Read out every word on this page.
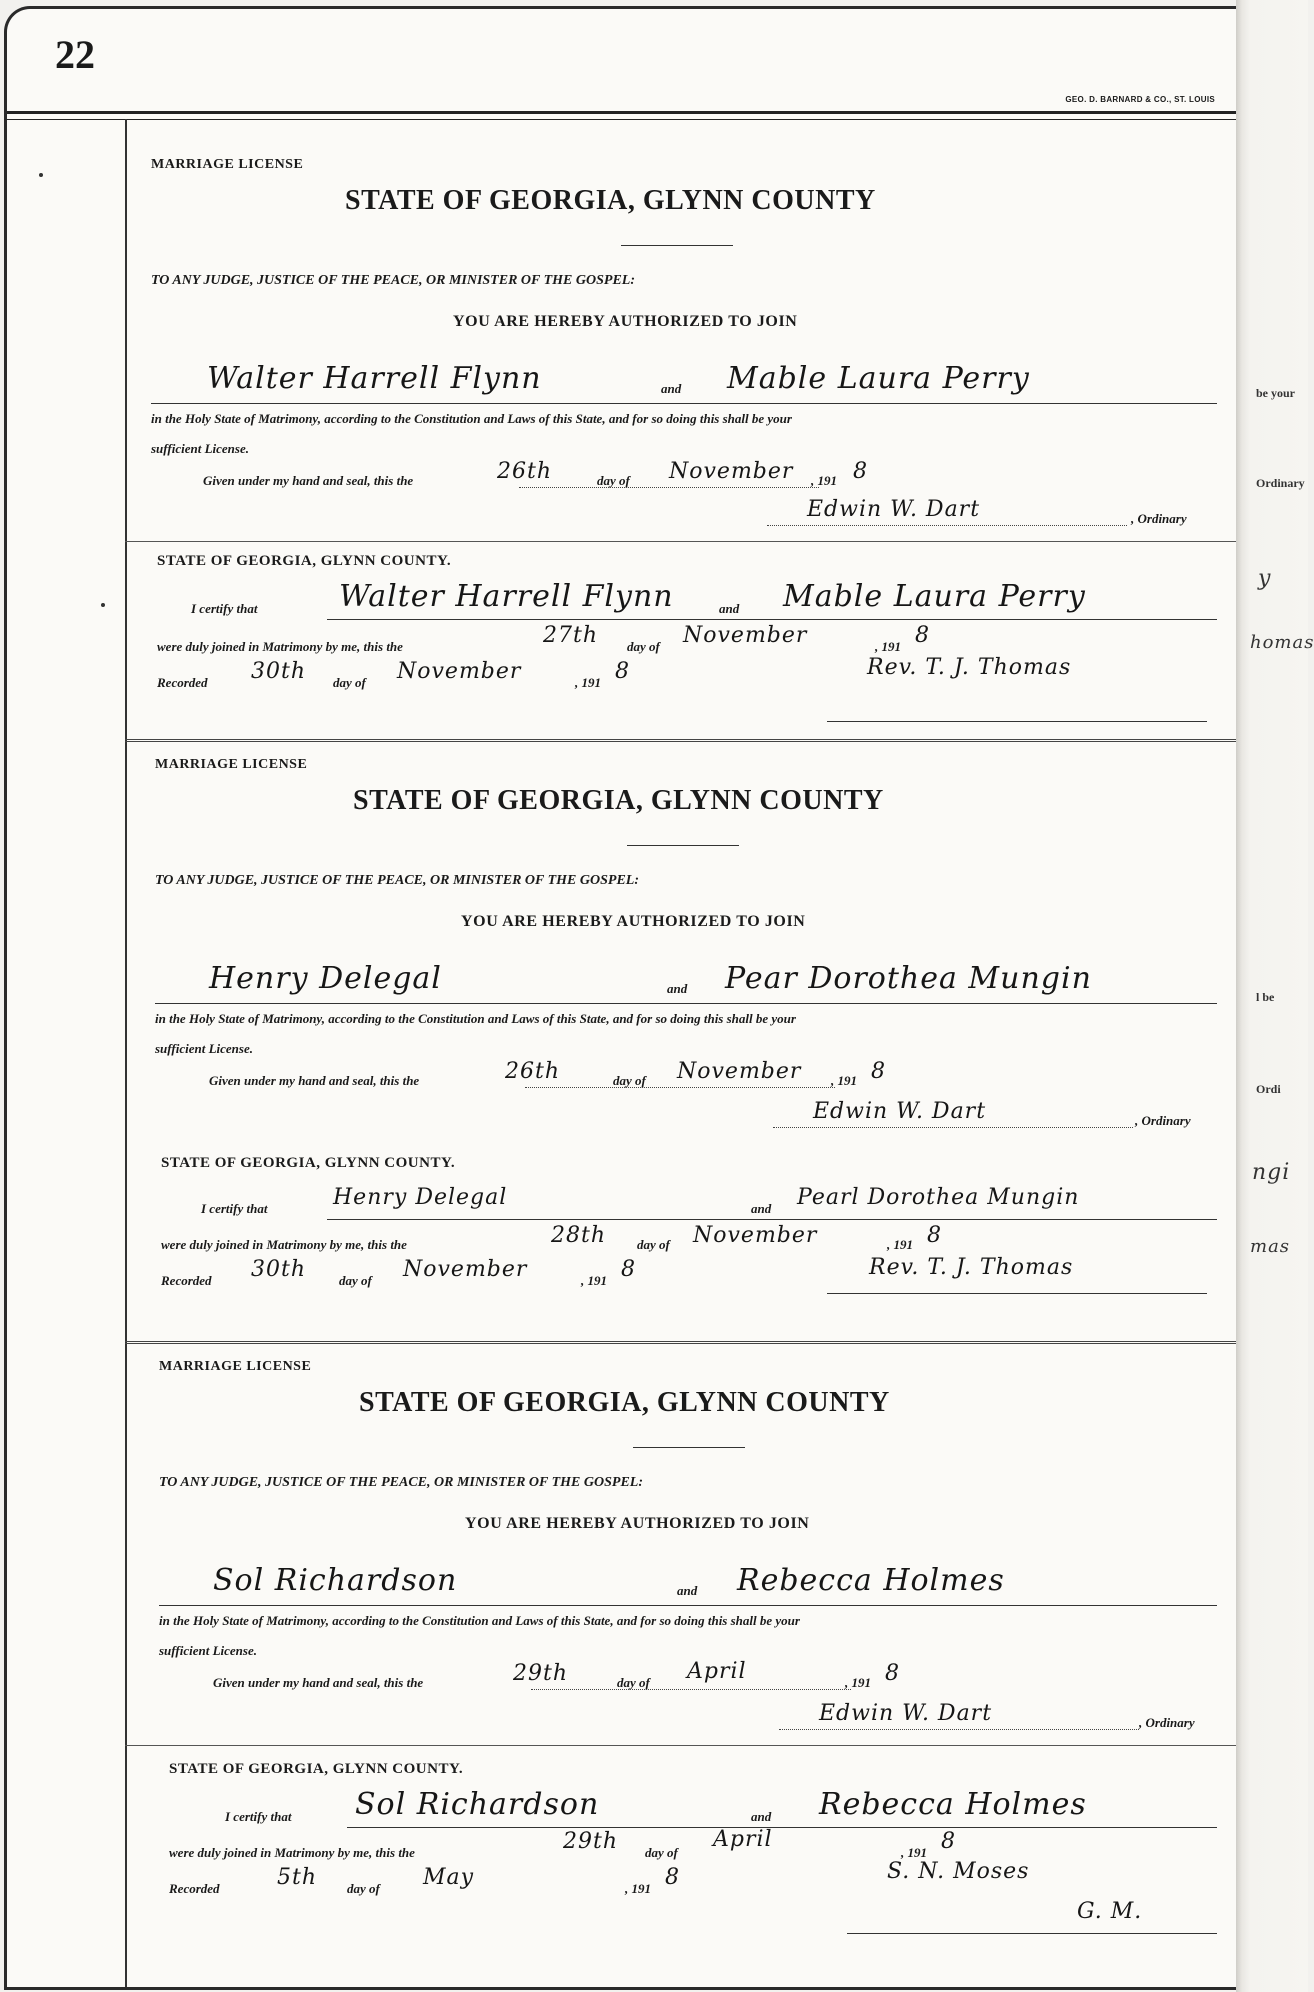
22
GEO. D. BARNARD & CO., ST. LOUIS
MARRIAGE LICENSE
STATE OF GEORGIA, GLYNN COUNTY
TO ANY JUDGE, JUSTICE OF THE PEACE, OR MINISTER OF THE GOSPEL:
YOU ARE HEREBY AUTHORIZED TO JOIN
Walter Harrell Flynn	and Mable Laura Perry
in the Holy State of Matrimony, according to the Constitution and Laws of this State, and for so doing this shall be your
sufficient License.
Given under my hand and seal, this the	26th	day of November , 191 8
Edwin W. Dart	, Ordinary
STATE OF GEORGIA, GLYNN COUNTY.
I certify that	Walter Harrell Flynn	and Mable Laura Perry
were duly joined in Matrimony by me, this the	27th day of November	, 191 8
Recorded 30th day of November	, 191 8	Rev. T. J. Thomas
MARRIAGE LICENSE
STATE OF GEORGIA, GLYNN COUNTY
TO ANY JUDGE, JUSTICE OF THE PEACE, OR MINISTER OF THE GOSPEL:
YOU ARE HEREBY AUTHORIZED TO JOIN
Henry Delegal	and Pear Dorothea Mungin
in the Holy State of Matrimony, according to the Constitution and Laws of this State, and for so doing this shall be your
sufficient License.
Given under my hand and seal, this the	26th	day of November , 191 8
Edwin W. Dart	, Ordinary
STATE OF GEORGIA, GLYNN COUNTY.
I certify that	Henry Delegal	and Pearl Dorothea Mungin
were duly joined in Matrimony by me, this the	28th day of November	, 191 8
Recorded 30th	day of November	, 191 8	Rev. T. J. Thomas
MARRIAGE LICENSE
STATE OF GEORGIA, GLYNN COUNTY
TO ANY JUDGE, JUSTICE OF THE PEACE, OR MINISTER OF THE GOSPEL:
YOU ARE HEREBY AUTHORIZED TO JOIN
Sol Richardson	and Rebecca Holmes
in the Holy State of Matrimony, according to the Constitution and Laws of this State, and for so doing this shall be your
sufficient License.
Given under my hand and seal, this the	29th	day of April	, 191 8
Edwin W. Dart	, Ordinary
STATE OF GEORGIA, GLYNN COUNTY.
I certify that Sol Richardson	and Rebecca Holmes
were duly joined in Matrimony by me, this the	29th day of
April
, 191 8
Recorded	5th day of May	, 191 8	S. N. Moses
G. M.
be your
Ordinary
y
homas
l be
Ordi
ngi
mas
